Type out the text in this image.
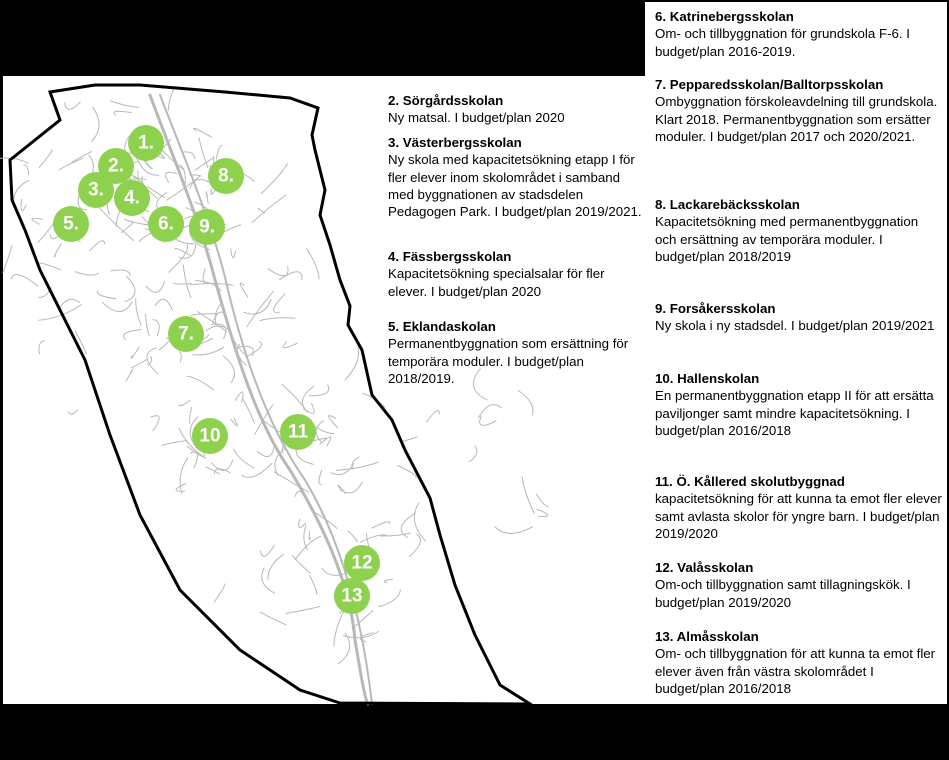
1.
2.
3. 4.
5.	6.
7.
8.
9.
10	11
12
13
2. Sörgårdsskolan
Ny matsal. I budget/plan 2020
3. Västerbergsskolan
Ny skola med kapacitetsökning etapp I för fler elever inom skolområdet i samband med byggnationen av stadsdelen Pedagogen Park. I budget/plan 2019/2021.
4. Fässbergsskolan
Kapacitetsökning specialsalar för fler elever. I budget/plan 2020
5. Eklandaskolan
Permanentbyggnation som ersättning för temporära moduler. I budget/plan 2018/2019.
6. Katrinebergsskolan
Om- och tillbyggnation för grundskola F-6. I budget/plan 2016-2019.
7. Pepparedsskolan/Balltorpsskolan
Ombyggnation förskoleavdelning till grundskola. Klart 2018. Permanentbyggnation som ersätter moduler. I budget/plan 2017 och 2020/2021.
8. Lackarebäcksskolan
Kapacitetsökning med permanentbyggnation och ersättning av temporära moduler. I budget/plan 2018/2019
9. Forsåkersskolan
Ny skola i ny stadsdel. I budget/plan 2019/2021
10. Hallenskolan
En permanentbyggnation etapp II för att ersätta paviljonger samt mindre kapacitetsökning. I budget/plan 2016/2018
11. Ö. Kållered skolutbyggnad
kapacitetsökning för att kunna ta emot fler elever samt avlasta skolor för yngre barn. I budget/plan 2019/2020
12. Valåsskolan
Om-och tillbyggnation samt tillagningskök. I budget/plan 2019/2020
13. Almåsskolan
Om- och tillbyggnation för att kunna ta emot fler elever även från västra skolområdet I budget/plan 2016/2018
